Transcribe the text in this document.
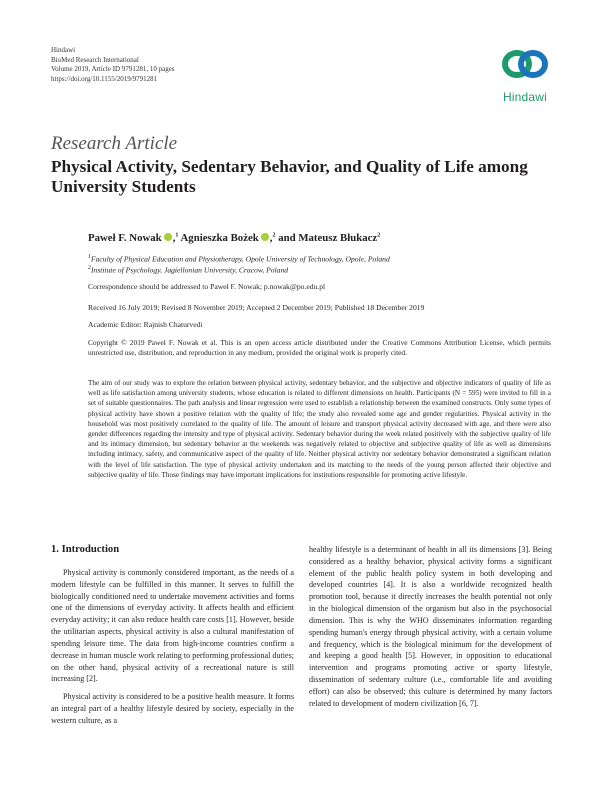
Hindawi
BioMed Research International
Volume 2019, Article ID 9791281, 10 pages
https://doi.org/10.1155/2019/9791281
Hindawi
Research Article
Physical Activity, Sedentary Behavior, and Quality of Life among University Students
Paweł F. Nowak ,$^1$ Agnieszka Bożek ,$^2$ and Mateusz Błukacz$^2$
$^1$Faculty of Physical Education and Physiotherapy, Opole University of Technology, Opole, Poland
$^2$Institute of Psychology, Jagiellonian University, Cracow, Poland
Correspondence should be addressed to Paweł F. Nowak; p.nowak@po.edu.pl
Received 16 July 2019; Revised 8 November 2019; Accepted 2 December 2019; Published 18 December 2019
Academic Editor: Rajnish Chaturvedi
Copyright © 2019 Paweł F. Nowak et al. This is an open access article distributed under the Creative Commons Attribution License, which permits unrestricted use, distribution, and reproduction in any medium, provided the original work is properly cited.
The aim of our study was to explore the relation between physical activity, sedentary behavior, and the subjective and objective indicators of quality of life as well as life satisfaction among university students, whose education is related to different dimensions on health. Participants (N = 595) were invited to fill in a set of suitable questionnaires. The path analysis and linear regression were used to establish a relationship between the examined constructs. Only some types of physical activity have shown a positive relation with the quality of life; the study also revealed some age and gender regularities. Physical activity in the household was most positively correlated to the quality of life. The amount of leisure and transport physical activity decreased with age, and there were also gender differences regarding the intensity and type of physical activity. Sedentary behavior during the week related positively with the subjective quality of life and its intimacy dimension, but sedentary behavior at the weekends was negatively related to objective and subjective quality of life as well as dimensions including intimacy, safety, and communicative aspect of the quality of life. Neither physical activity nor sedentary behavior demonstrated a significant relation with the level of life satisfaction. The type of physical activity undertaken and its matching to the needs of the young person affected their objective and subjective quality of life. Those findings may have important implications for institutions responsible for promoting active lifestyle.
1. Introduction

Physical activity is commonly considered important, as the needs of a modern lifestyle can be fulfilled in this manner. It serves to fulfill the biologically conditioned need to undertake movement activities and forms one of the dimensions of everyday activity. It affects health and efficient everyday activity; it can also reduce health care costs [1]. However, beside the utilitarian aspects, physical activity is also a cultural manifestation of spending leisure time. The data from high-income countries confirm a decrease in human muscle work relating to performing professional duties; on the other hand, physical activity of a recreational nature is still increasing [2].

Physical activity is considered to be a positive health measure. It forms an integral part of a healthy lifestyle desired by society, especially in the western culture, as a

healthy lifestyle is a determinant of health in all its dimensions [3]. Being considered as a healthy behavior, physical activity forms a significant element of the public health policy system in both developing and developed countries [4]. It is also a worldwide recognized health promotion tool, because it directly increases the health potential not only in the biological dimension of the organism but also in the psychosocial dimension. This is why the WHO disseminates information regarding spending human's energy through physical activity, with a certain volume and frequency, which is the biological minimum for the development of and keeping a good health [5]. However, in opposition to educational intervention and programs promoting active or sporty lifestyle, dissemination of sedentary culture (i.e., comfortable life and avoiding effort) can also be observed; this culture is determined by many factors related to development of modern civilization [6, 7].
